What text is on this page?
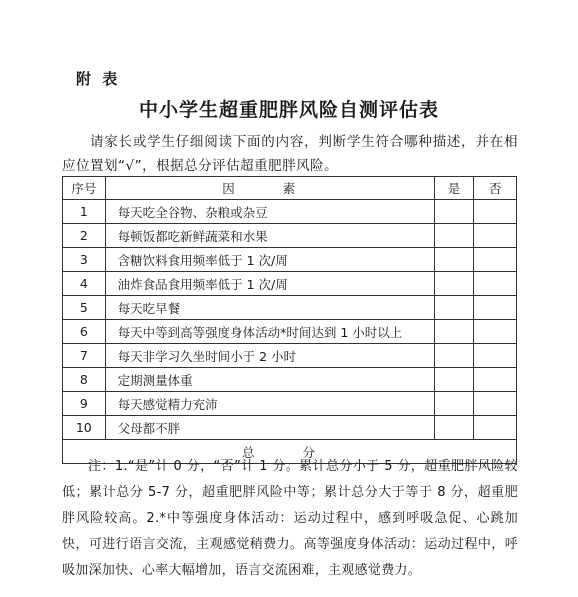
附 表
中小学生超重肥胖风险自测评估表
请家长或学生仔细阅读下面的内容，判断学生符合哪种描述，并在相应位置划“√”，根据总分评估超重肥胖风险。
序号	因 素	是	否
1	每天吃全谷物、杂粮或杂豆		
2	每顿饭都吃新鲜蔬菜和水果		
3	含糖饮料食用频率低于 1 次/周		
4	油炸食品食用频率低于 1 次/周		
5	每天吃早餐		
6	每天中等到高等强度身体活动*时间达到 1 小时以上		
7	每天非学习久坐时间小于 2 小时		
8	定期测量体重		
9	每天感觉精力充沛		
10	父母都不胖		
总 分			
注：1.“是”计 0 分，“否”计 1 分。累计总分小于 5 分，超重肥胖风险较低；累计总分 5-7 分，超重肥胖风险中等；累计总分大于等于 8 分，超重肥胖风险较高。2.*中等强度身体活动：运动过程中，感到呼吸急促、心跳加快，可进行语言交流，主观感觉稍费力。高等强度身体活动：运动过程中，呼吸加深加快、心率大幅增加，语言交流困难，主观感觉费力。
